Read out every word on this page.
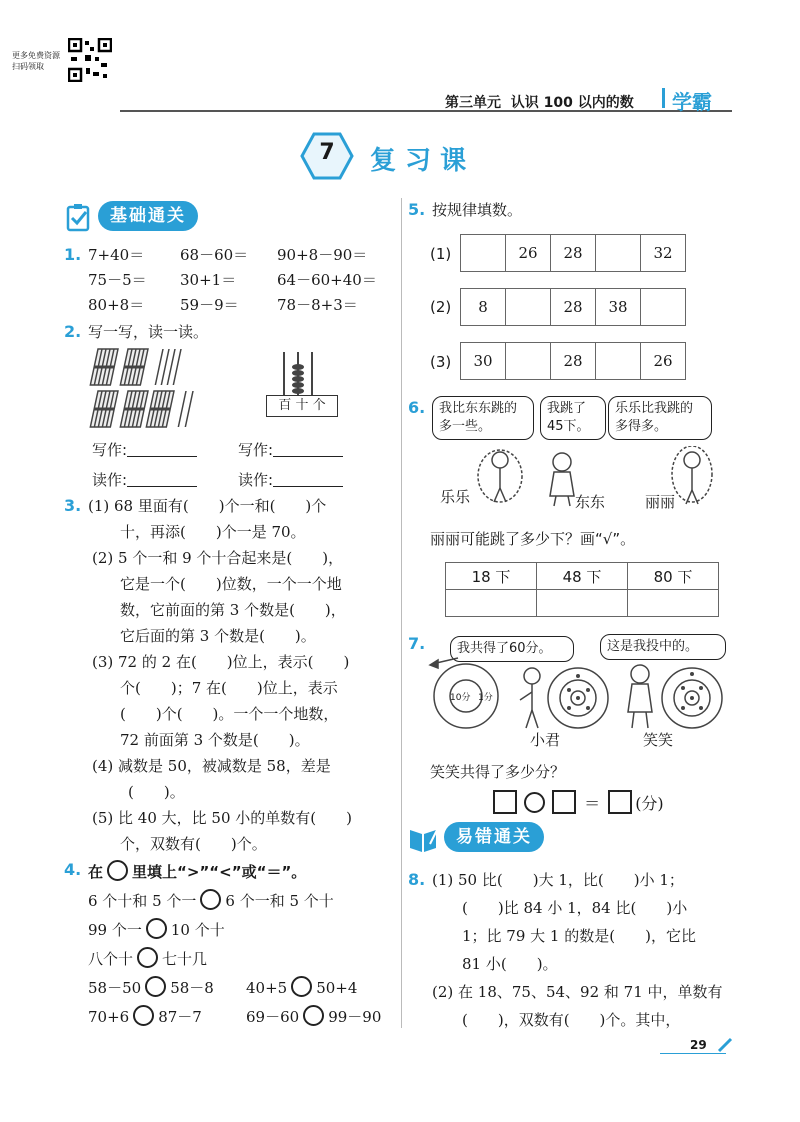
更多免费资源
扫码领取
第三单元 认识 100 以内的数 学霸
7	复 习 课
基础通关
1. 7+40＝ 68－60＝ 90+8－90＝
75－5＝ 30+1＝	64－60+40＝
80+8＝ 59－9＝	78－8+3＝
2. 写一写，读一读。
百 十 个
写作:	写作:
读作:	读作:
3. (1) 68 里面有(　　)个一和(　　)个
十，再添(　　)个一是 70。
(2) 5 个一和 9 个十合起来是(　　)，
它是一个(　　)位数，一个一个地
数，它前面的第 3 个数是(　　)，
它后面的第 3 个数是(　　)。
(3) 72 的 2 在(　　)位上，表示(　　)
个(　　)；7 在(　　)位上，表示
(　　)个(　　)。一个一个地数，
72 前面第 3 个数是(　　)。
(4) 减数是 50，被减数是 58，差是
(　　)。
(5) 比 40 大，比 50 小的单数有(　　)
个，双数有(　　)个。
4. 在 里填上“>”“<”或“＝”。
6 个十和 5 个一 6 个一和 5 个十
99 个一 10 个十
八个十 七十几
58－50 58－8 40+5 50+4
70+6 87－7	69－60 99－90
5. 按规律填数。
(1)
		26	28		32
(2) 8		28	38	
(3) 30		28		26
6.	我比东东跳的多一些。
我跳了45下。
乐乐比我跳的多得多。
乐乐	东东	丽丽
丽丽可能跳了多少下？画“√”。
18 下	48 下	80 下

7.	我共得了60分。	这是我投中的。
10分 1分
小君	笑笑
笑笑共得了多少分？
＝ (分)
易错通关
8. (1) 50 比(　　)大 1，比(　　)小 1；
(　　)比 84 小 1，84 比(　　)小
1；比 79 大 1 的数是(　　)，它比
81 小(　　)。
(2) 在 18、75、54、92 和 71 中，单数有
(　　)，双数有(　　)个。其中，
29
